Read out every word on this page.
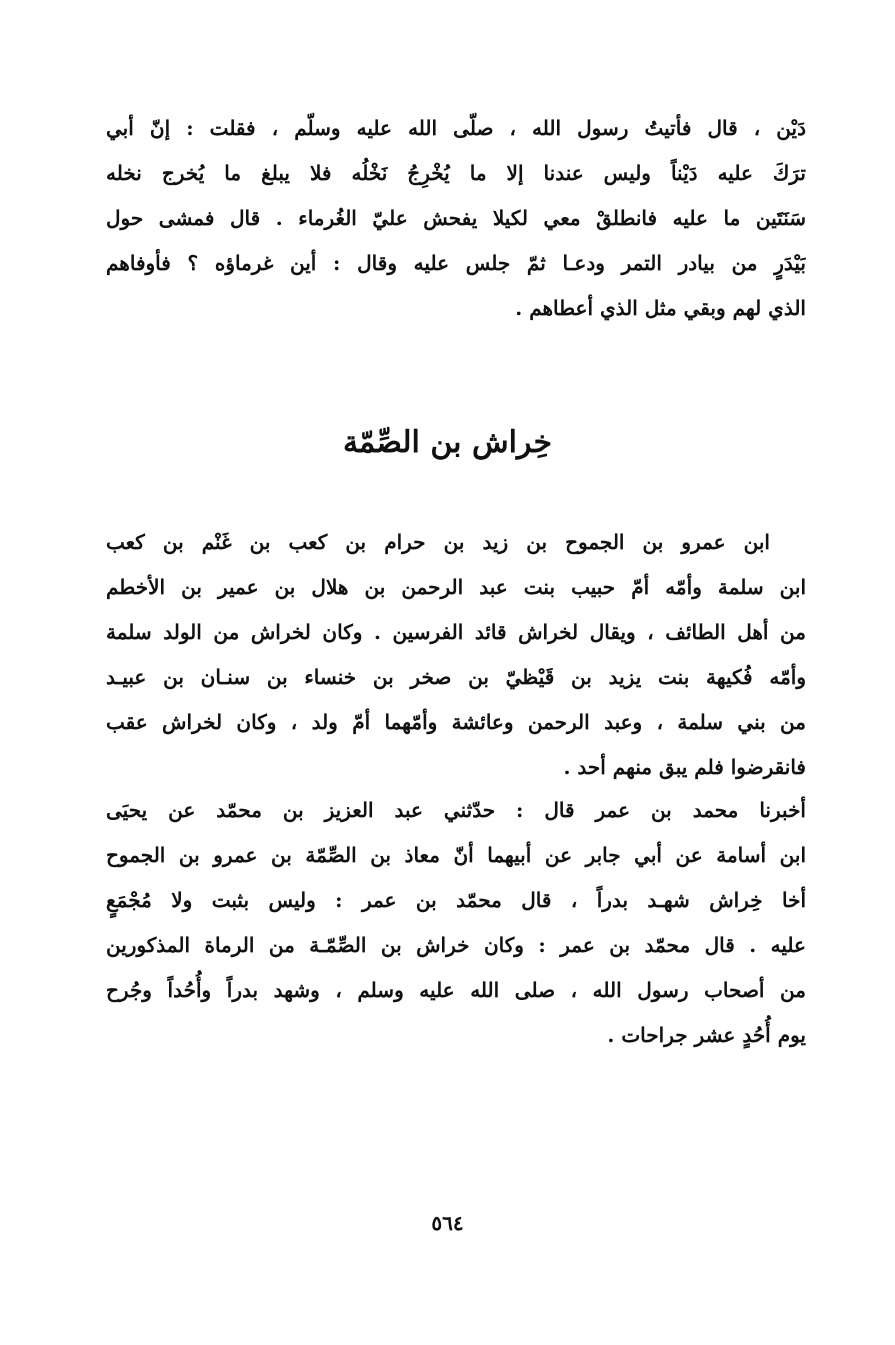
دَيْن ، قال فأتيتُ رسول الله ، صلّى الله عليه وسلّم ، فقلت : إنّ أبي
ترَكَ عليه دَيْناً وليس عندنا إلا ما يُخْرِجُ نَخْلُه فلا يبلغ ما يُخرج نخله
سَنَتَين ما عليه فانطلقْ معي لكيلا يفحش عليّ الغُرماء . قال فمشى حول
بَيْدَرٍ من بيادر التمر ودعـا ثمّ جلس عليه وقال : أين غرماؤه ؟ فأوفاهم
الذي لهم وبقي مثل الذي أعطاهم .
خِراش بن الصِّمّة
ابن عمرو بن الجموح بن زيد بن حرام بن كعب بن غَنْم بن كعب
ابن سلمة وأمّه أمّ حبيب بنت عبد الرحمن بن هلال بن عمير بن الأخطم
من أهل الطائف ، ويقال لخراش قائد الفرسين . وكان لخراش من الولد سلمة
وأمّه فُكيهة بنت يزيد بن قَيْظيّ بن صخر بن خنساء بن سنـان بن عبيـد
من بني سلمة ، وعبد الرحمن وعائشة وأمّهما أمّ ولد ، وكان لخراش عقب
فانقرضوا فلم يبق منهم أحد .
أخبرنا محمد بن عمر قال : حدّثني عبد العزيز بن محمّد عن يحيَى
ابن أسامة عن أبي جابر عن أبيهما أنّ معاذ بن الصِّمّة بن عمرو بن الجموح
أخا خِراش شهـد بدراً ، قال محمّد بن عمر : وليس بثبت ولا مُجْمَعٍ
عليه . قال محمّد بن عمر : وكان خراش بن الصِّمّـة من الرماة المذكورين
من أصحاب رسول الله ، صلى الله عليه وسلم ، وشهد بدراً وأُحُداً وجُرح
يوم أُحُدٍ عشر جراحات .
٥٦٤
